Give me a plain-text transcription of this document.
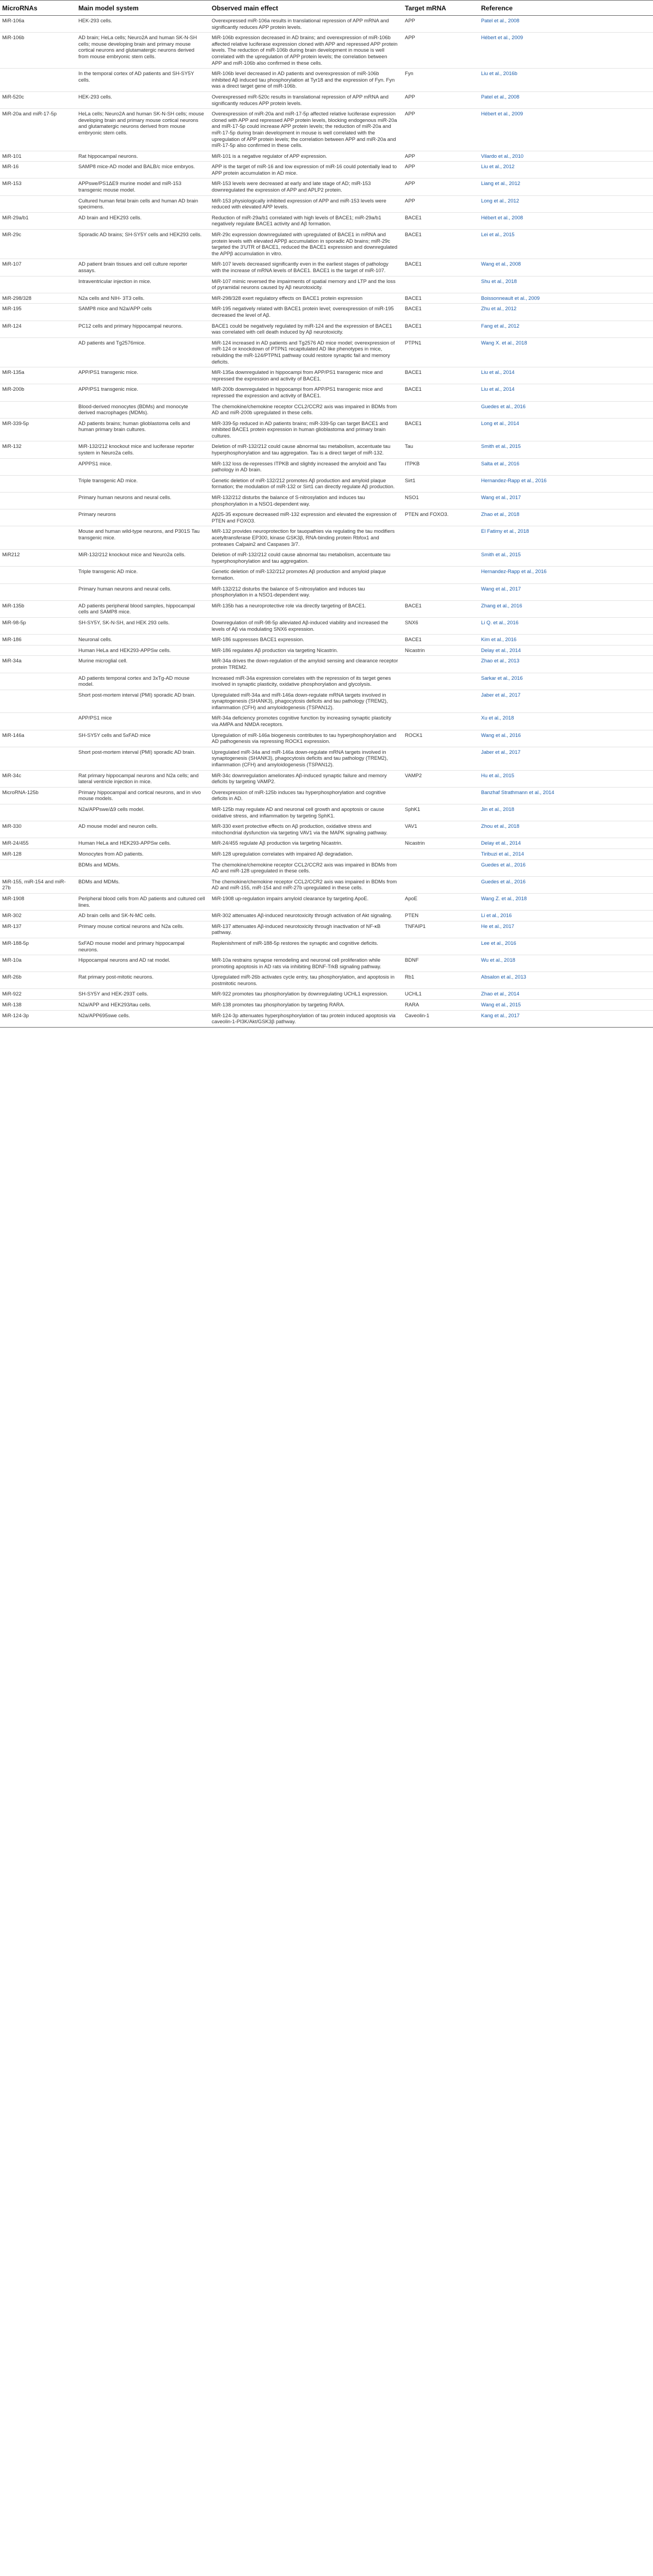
MicroRNAs	Main model system	Observed main effect	Target mRNA	Reference
MiR-106a	HEK-293 cells.	Overexpressed miR-106a results in translational repression of APP mRNA and significantly reduces APP protein levels.	APP	Patel et al., 2008
MiR-106b	AD brain; HeLa cells; Neuro2A and human SK-N-SH cells; mouse developing brain and primary mouse cortical neurons and glutamatergic neurons derived from mouse embryonic stem cells.	MiR-106b expression decreased in AD brains; and overexpression of miR-106b affected relative luciferase expression cloned with APP and repressed APP protein levels. The reduction of miR-106b during brain development in mouse is well correlated with the upregulation of APP protein levels; the correlation between APP and miR-106b also confirmed in these cells.	APP	Hébert et al., 2009
	In the temporal cortex of AD patients and SH-SY5Y cells.	MiR-106b level decreased in AD patients and overexpression of miR-106b inhibited Aβ induced tau phosphorylation at Tyr18 and the expression of Fyn. Fyn was a direct target gene of miR-106b.	Fyn	Liu et al., 2016b
MiR-520c	HEK-293 cells.	Overexpressed miR-520c results in translational repression of APP mRNA and significantly reduces APP protein levels.	APP	Patel et al., 2008
MiR-20a and miR-17-5p	HeLa cells; Neuro2A and human SK-N-SH cells; mouse developing brain and primary mouse cortical neurons and glutamatergic neurons derived from mouse embryonic stem cells.	Overexpression of miR-20a and miR-17-5p affected relative luciferase expression cloned with APP and repressed APP protein levels, blocking endogenous miR-20a and miR-17-5p could increase APP protein levels; the reduction of miR-20a and miR-17-5p during brain development in mouse is well correlated with the upregulation of APP protein levels; the correlation between APP and miR-20a and miR-17-5p also confirmed in these cells.	APP	Hébert et al., 2009
MiR-101	Rat hippocampal neurons.	MiR-101 is a negative regulator of APP expression.	APP	Vilardo et al., 2010
MiR-16	SAMP8 mice-AD model and BALB/c mice embryos.	APP is the target of miR-16 and low expression of miR-16 could potentially lead to APP protein accumulation in AD mice.	APP	Liu et al., 2012
MiR-153	APPswe/PS1ΔE9 murine model and miR-153 transgenic mouse model.	MiR-153 levels were decreased at early and late stage of AD; miR-153 downregulated the expression of APP and APLP2 protein.	APP	Liang et al., 2012
	Cultured human fetal brain cells and human AD brain specimens.	MiR-153 physiologically inhibited expression of APP and miR-153 levels were reduced with elevated APP levels.	APP	Long et al., 2012
MiR-29a/b1	AD brain and HEK293 cells.	Reduction of miR-29a/b1 correlated with high levels of BACE1; miR-29a/b1 negatively regulate BACE1 activity and Aβ formation.	BACE1	Hébert et al., 2008
MiR-29c	Sporadic AD brains; SH-SY5Y cells and HEK293 cells.	MiR-29c expression downregulated with upregulated of BACE1 in mRNA and protein levels with elevated APPβ accumulation in sporadic AD brains; miR-29c targeted the 3'UTR of BACE1, reduced the BACE1 expression and downregulated the APPβ accumulation in vitro.	BACE1	Lei et al., 2015
MiR-107	AD patient brain tissues and cell culture reporter assays.	MiR-107 levels decreased significantly even in the earliest stages of pathology with the increase of mRNA levels of BACE1. BACE1 is the target of miR-107.	BACE1	Wang et al., 2008
	Intraventricular injection in mice.	MiR-107 mimic reversed the impairments of spatial memory and LTP and the loss of pyramidal neurons caused by Aβ neurotoxicity.		Shu et al., 2018
MiR-298/328	N2a cells and NIH- 3T3 cells.	MiR-298/328 exert regulatory effects on BACE1 protein expression	BACE1	Boissonneault et al., 2009
MiR-195	SAMP8 mice and N2a/APP cells	MiR-195 negatively related with BACE1 protein level; overexpression of miR-195 decreased the level of Aβ.	BACE1	Zhu et al., 2012
MiR-124	PC12 cells and primary hippocampal neurons.	BACE1 could be negatively regulated by miR-124 and the expression of BACE1 was correlated with cell death induced by Aβ neurotoxicity.	BACE1	Fang et al., 2012
	AD patients and Tg2576mice.	MiR-124 increased in AD patients and Tg2576 AD mice model; overexpression of miR-124 or knockdown of PTPN1 recapitulated AD like phenotypes in mice, rebuilding the miR-124/PTPN1 pathway could restore synaptic fail and memory deficits.	PTPN1	Wang X. et al., 2018
MiR-135a	APP/PS1 transgenic mice.	MiR-135a downregulated in hippocampi from APP/PS1 transgenic mice and repressed the expression and activity of BACE1.	BACE1	Liu et al., 2014
MiR-200b	APP/PS1 transgenic mice.	MiR-200b downregulated in hippocampi from APP/PS1 transgenic mice and repressed the expression and activity of BACE1.	BACE1	Liu et al., 2014
	Blood-derived monocytes (BDMs) and monocyte derived macrophages (MDMs).	The chemokine/chemokine receptor CCL2/CCR2 axis was impaired in BDMs from AD and miR-200b upregulated in these cells.		Guedes et al., 2016
MiR-339-5p	AD patients brains; human glioblastoma cells and human primary brain cultures.	MiR-339-5p reduced in AD patients brains; miR-339-5p can target BACE1 and inhibited BACE1 protein expression in human glioblastoma and primary brain cultures.	BACE1	Long et al., 2014
MiR-132	MiR-132/212 knockout mice and luciferase reporter system in Neuro2a cells.	Deletion of miR-132/212 could cause abnormal tau metabolism, accentuate tau hyperphosphorylation and tau aggregation. Tau is a direct target of miR-132.	Tau	Smith et al., 2015
	APPPS1 mice.	MiR-132 loss de-represses ITPKB and slightly increased the amyloid and Tau pathology in AD brain.	ITPKB	Salta et al., 2016
	Triple transgenic AD mice.	Genetic deletion of miR-132/212 promotes Aβ production and amyloid plaque formation; the modulation of miR-132 or Sirt1 can directly regulate Aβ production.	Sirt1	Hernandez-Rapp et al., 2016
	Primary human neurons and neural cells.	MiR-132/212 disturbs the balance of S-nitrosylation and induces tau phosphorylation in a NSO1-dependent way.	NSO1	Wang et al., 2017
	Primary neurons	Aβ25-35 exposure decreased miR-132 expression and elevated the expression of PTEN and FOXO3.	PTEN and FOXO3.	Zhao et al., 2018
	Mouse and human wild-type neurons, and P301S Tau transgenic mice.	MiR-132 provides neuroprotection for tauopathies via regulating the tau modifiers acetyltransferase EP300, kinase GSK3β, RNA-binding protein Rbfox1 and proteases Calpain2 and Caspases 3/7.		El Fatimy et al., 2018
MiR212	MiR-132/212 knockout mice and Neuro2a cells.	Deletion of miR-132/212 could cause abnormal tau metabolism, accentuate tau hyperphosphorylation and tau aggregation.		Smith et al., 2015
	Triple transgenic AD mice.	Genetic deletion of miR-132/212 promotes Aβ production and amyloid plaque formation.		Hernandez-Rapp et al., 2016
	Primary human neurons and neural cells.	MiR-132/212 disturbs the balance of S-nitrosylation and induces tau phosphorylation in a NSO1-dependent way.		Wang et al., 2017
MiR-135b	AD patients peripheral blood samples, hippocampal cells and SAMP8 mice.	MiR-135b has a neuroprotective role via directly targeting of BACE1.	BACE1	Zhang et al., 2016
MiR-98-5p	SH-SY5Y, SK-N-SH, and HEK 293 cells.	Downregulation of miR-98-5p alleviated Aβ-induced viability and increased the levels of Aβ via modulating SNX6 expression.	SNX6	Li Q. et al., 2016
MiR-186	Neuronal cells.	MiR-186 suppresses BACE1 expression.	BACE1	Kim et al., 2016
	Human HeLa and HEK293-APPSw cells.	MiR-186 regulates Aβ production via targeting Nicastrin.	Nicastrin	Delay et al., 2014
MiR-34a	Murine microglial cell.	MiR-34a drives the down-regulation of the amyloid sensing and clearance receptor protein TREM2.		Zhao et al., 2013
	AD patients temporal cortex and 3xTg-AD mouse model.	Increased miR-34a expression correlates with the repression of its target genes involved in synaptic plasticity, oxidative phosphorylation and glycolysis.		Sarkar et al., 2016
	Short post-mortem interval (PMI) sporadic AD brain.	Upregulated miR-34a and miR-146a down-regulate mRNA targets involved in synaptogenesis (SHANK3), phagocytosis deficits and tau pathology (TREM2), inflammation (CFH) and amyloidogenesis (TSPAN12).		Jaber et al., 2017
	APP/PS1 mice	MiR-34a deficiency promotes cognitive function by increasing synaptic plasticity via AMPA and NMDA receptors.		Xu et al., 2018
MiR-146a	SH-SY5Y cells and 5xFAD mice	Upregulation of miR-146a biogenesis contributes to tau hyperphosphorylation and AD pathogenesis via repressing ROCK1 expression.	ROCK1	Wang et al., 2016
	Short post-mortem interval (PMI) sporadic AD brain.	Upregulated miR-34a and miR-146a down-regulate mRNA targets involved in synaptogenesis (SHANK3), phagocytosis deficits and tau pathology (TREM2), inflammation (CFH) and amyloidogenesis (TSPAN12).		Jaber et al., 2017
MiR-34c	Rat primary hippocampal neurons and N2a cells; and lateral ventricle injection in mice.	MiR-34c downregulation ameliorates Aβ-induced synaptic failure and memory deficits by targeting VAMP2.	VAMP2	Hu et al., 2015
MicroRNA-125b	Primary hippocampal and cortical neurons, and in vivo mouse models.	Overexpression of miR-125b induces tau hyperphosphorylation and cognitive deficits in AD.		Banzhaf Strathmann et al., 2014
	N2a/APPswe/Δ9 cells model.	MiR-125b may regulate AD and neuronal cell growth and apoptosis or cause oxidative stress, and inflammation by targeting SphK1.	SphK1	Jin et al., 2018
MiR-330	AD mouse model and neuron cells.	MiR-330 exert protective effects on Aβ production, oxidative stress and mitochondrial dysfunction via targeting VAV1 via the MAPK signaling pathway.	VAV1	Zhou et al., 2018
MiR-24/455	Human HeLa and HEK293-APPSw cells.	MiR-24/455 regulate Aβ production via targeting Nicastrin.	Nicastrin	Delay et al., 2014
MiR-128	Monocytes from AD patients.	MiR-128 upregulation correlates with impaired Aβ degradation.		Tiribuzi et al., 2014
	BDMs and MDMs.	The chemokine/chemokine receptor CCL2/CCR2 axis was impaired in BDMs from AD and miR-128 upregulated in these cells.		Guedes et al., 2016
MiR-155, miR-154 and miR-27b	BDMs and MDMs.	The chemokine/chemokine receptor CCL2/CCR2 axis was impaired in BDMs from AD and miR-155, miR-154 and miR-27b upregulated in these cells.		Guedes et al., 2016
MiR-1908	Peripheral blood cells from AD patients and cultured cell lines.	MiR-1908 up-regulation impairs amyloid clearance by targeting ApoE.	ApoE	Wang Z. et al., 2018
MiR-302	AD brain cells and SK-N-MC cells.	MiR-302 attenuates Aβ-induced neurotoxicity through activation of Akt signaling.	PTEN	Li et al., 2016
MiR-137	Primary mouse cortical neurons and N2a cells.	MiR-137 attenuates Aβ-induced neurotoxicity through inactivation of NF-κB pathway.	TNFAIP1	He et al., 2017
MiR-188-5p	5xFAD mouse model and primary hippocampal neurons.	Replenishment of miR-188-5p restores the synaptic and cognitive deficits.		Lee et al., 2016
MiR-10a	Hippocampal neurons and AD rat model.	MiR-10a restrains synapse remodeling and neuronal cell proliferation while promoting apoptosis in AD rats via inhibiting BDNF-TrkB signaling pathway.	BDNF	Wu et al., 2018
MiR-26b	Rat primary post-mitotic neurons.	Upregulated miR-26b activates cycle entry, tau phosphorylation, and apoptosis in postmitotic neurons.	Rb1	Absalon et al., 2013
MiR-922	SH-SY5Y and HEK-293T cells.	MiR-922 promotes tau phosphorylation by downregulating UCHL1 expression.	UCHL1	Zhao et al., 2014
MiR-138	N2a/APP and HEK293/tau cells.	MiR-138 promotes tau phosphorylation by targeting RARA.	RARA	Wang et al., 2015
MiR-124-3p	N2a/APP695swe cells.	MiR-124-3p attenuates hyperphosphorylation of tau protein induced apoptosis via caveolin-1-PI3K/Akt/GSK3β pathway.	Caveolin-1	Kang et al., 2017
